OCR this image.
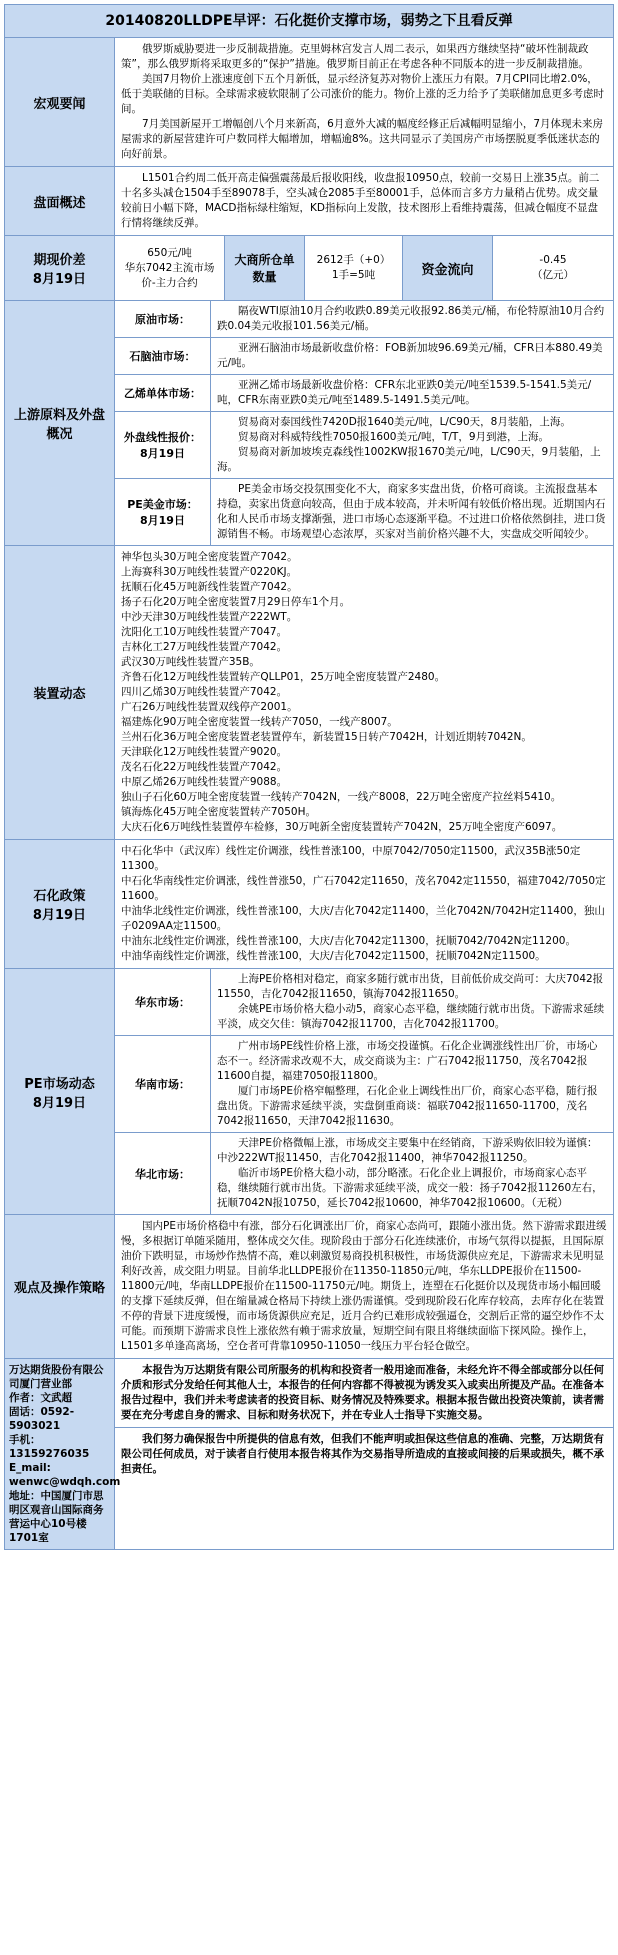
20140820LLDPE早评：石化挺价支撑市场，弱势之下且看反弹
宏观要闻

俄罗斯威胁要进一步反制裁措施。克里姆林宫发言人周二表示，如果西方继续坚持“破坏性制裁政策”，那么俄罗斯将采取更多的“保护”措施。俄罗斯目前正在考虑各种不同版本的进一步反制裁措施。

美国7月物价上涨速度创下五个月新低，显示经济复苏对物价上涨压力有限。7月CPI同比增2.0%，低于美联储的目标。全球需求疲软限制了公司涨价的能力。物价上涨的乏力给予了美联储加息更多考虑时间。

7月美国新屋开工增幅创八个月来新高，6月意外大减的幅度经修正后减幅明显缩小，7月体现未来房屋需求的新屋营建许可户数同样大幅增加，增幅逾8%。这共同显示了美国房产市场摆脱夏季低迷状态的向好前景。

盘面概述

L1501合约周二低开高走偏强震荡最后报收阳线，收盘报10950点，较前一交易日上涨35点。前二十名多头减仓1504手至89078手，空头减仓2085手至80001手，总体而言多方力量稍占优势。成交量较前日小幅下降，MACD指标绿柱缩短，KD指标向上发散，技术图形上看维持震荡，但减仓幅度不显盘行情将继续反弹。

期现价差
8月19日
650元/吨
华东7042主流市场价-主力合约
大商所仓单数量
2612手（+0）
1手=5吨	资金流向
-0.45
（亿元）
上游原料及外盘概况
原油市场：

隔夜WTI原油10月合约收跌0.89美元收报92.86美元/桶，布伦特原油10月合约跌0.04美元收报101.56美元/桶。

石脑油市场：

亚洲石脑油市场最新收盘价格：FOB新加坡96.69美元/桶，CFR日本880.49美元/吨。

乙烯单体市场：

亚洲乙烯市场最新收盘价格：CFR东北亚跌0美元/吨至1539.5-1541.5美元/吨，CFR东南亚跌0美元/吨至1489.5-1491.5美元/吨。

外盘线性报价：
8月19日

贸易商对泰国线性7420D报1640美元/吨，L/C90天，8月装船，上海。

贸易商对科威特线性7050报1600美元/吨，T/T，9月到港，上海。

贸易商对新加坡埃克森线性1002KW报1670美元/吨，L/C90天，9月装船，上海。

PE美金市场：
8月19日

PE美金市场交投氛围变化不大，商家多实盘出货，价格可商谈。主流报盘基本持稳，卖家出货意向较高，但由于成本较高，并未听闻有较低价格出现。近期国内石化和人民币市场支撑渐强，进口市场心态逐渐平稳。不过进口价格依然倒挂，进口货源销售不畅。市场观望心态浓厚，买家对当前价格兴趣不大，实盘成交听闻较少。

装置动态
神华包头30万吨全密度装置产7042。
上海赛科30万吨线性装置产0220KJ。
抚顺石化45万吨新线性装置产7042。
扬子石化20万吨全密度装置7月29日停车1个月。
中沙天津30万吨线性装置产222WT。
沈阳化工10万吨线性装置产7047。
吉林化工27万吨线性装置产7042。
武汉30万吨线性装置产35B。
齐鲁石化12万吨线性装置转产QLLP01，25万吨全密度装置产2480。
四川乙烯30万吨线性装置产7042。
广石26万吨线性装置双线停产2001。
福建炼化90万吨全密度装置一线转产7050，一线产8007。
兰州石化36万吨全密度装置老装置停车，新装置15日转产7042H，计划近期转7042N。
天津联化12万吨线性装置产9020。
茂名石化22万吨线性装置产7042。
中原乙烯26万吨线性装置产9088。
独山子石化60万吨全密度装置一线转产7042N，一线产8008，22万吨全密度产拉丝料5410。
镇海炼化45万吨全密度装置转产7050H。
大庆石化6万吨线性装置停车检修，30万吨新全密度装置转产7042N，25万吨全密度产6097。
石化政策
8月19日
中石化华中（武汉库）线性定价调涨，线性普涨100，中原7042/7050定11500，武汉35B涨50定11300。
中石化华南线性定价调涨，线性普涨50，广石7042定11650，茂名7042定11550，福建7042/7050定11600。
中油华北线性定价调涨，线性普涨100，大庆/吉化7042定11400，兰化7042N/7042H定11400，独山子0209AA定11500。
中油东北线性定价调涨，线性普涨100，大庆/吉化7042定11300，抚顺7042/7042N定11200。
中油华南线性定价调涨，线性普涨100，大庆/吉化7042定11500，抚顺7042N定11500。
PE市场动态
8月19日
华东市场：

上海PE价格相对稳定，商家多随行就市出货，目前低价成交尚可：大庆7042报11550，吉化7042报11650，镇海7042报11650。

余姚PE市场价格大稳小动5，商家心态平稳，继续随行就市出货。下游需求延续平淡，成交欠佳：镇海7042报11700，吉化7042报11700。

华南市场：

广州市场PE线性价格上涨，市场交投谨慎。石化企业调涨线性出厂价，市场心态不一。经济需求改观不大，成交商谈为主：广石7042报11750，茂名7042报11600自提，福建7050报11800。

厦门市场PE价格窄幅整理，石化企业上调线性出厂价，商家心态平稳，随行报盘出货。下游需求延续平淡，实盘倒重商谈：福联7042报11650-11700，茂名7042报11650，天津7042报11630。

华北市场：

天津PE价格微幅上涨，市场成交主要集中在经销商，下游采购依旧较为谨慎：中沙222WT报11450，吉化7042报11400，神华7042报11250。

临沂市场PE价格大稳小动，部分略涨。石化企业上调报价，市场商家心态平稳，继续随行就市出货。下游需求延续平淡，成交一般：扬子7042报11260左右，抚顺7042N报10750，延长7042报10600，神华7042报10600。（无税）

观点及操作策略

国内PE市场价格稳中有涨，部分石化调涨出厂价，商家心态尚可，跟随小涨出货。然下游需求跟进缓慢，多根据订单随采随用，整体成交欠佳。现阶段由于部分石化连续涨价，市场气氛得以提振，且国际原油价下跌明显，市场炒作热情不高，难以刺激贸易商投机积极性，市场货源供应充足，下游需求未见明显利好改善，成交阻力明显。目前华北LLDPE报价在11350-11850元/吨，华东LLDPE报价在11500-11800元/吨，华南LLDPE报价在11500-11750元/吨。期货上，连塑在石化挺价以及现货市场小幅回暖的支撑下延续反弹，但在缩量减仓格局下持续上涨仍需谨慎。受到现阶段石化库存较高，去库存化在装置不停的背景下进度缓慢，而市场货源供应充足，近月合约已难形成较强逼仓，交割后正常的逼空炒作不太可能。而预期下游需求良性上涨依然有赖于需求放量，短期空间有限且将继续面临下探风险。操作上，L1501多单逢高离场，空仓者可背靠10950-11050一线压力平台轻仓做空。

万达期货股份有限公司厦门营业部
作者：文武超
固话：0592-5903021
手机：13159276035
E_mail:
wenwc@wdqh.com
地址：中国厦门市思明区观音山国际商务营运中心10号楼1701室

本报告为万达期货有限公司所服务的机构和投资者一般用途而准备，未经允许不得全部或部分以任何介质和形式分发给任何其他人士，本报告的任何内容都不得被视为诱发买入或卖出所提及产品。在准备本报告过程中，我们并未考虑读者的投资目标、财务情况及特殊要求。根据本报告做出投资决策前，读者需要在充分考虑自身的需求、目标和财务状况下，并在专业人士指导下实施交易。

我们努力确保报告中所提供的信息有效，但我们不能声明或担保这些信息的准确、完整，万达期货有限公司任何成员，对于读者自行使用本报告将其作为交易指导所造成的直接或间接的后果或损失，概不承担责任。
